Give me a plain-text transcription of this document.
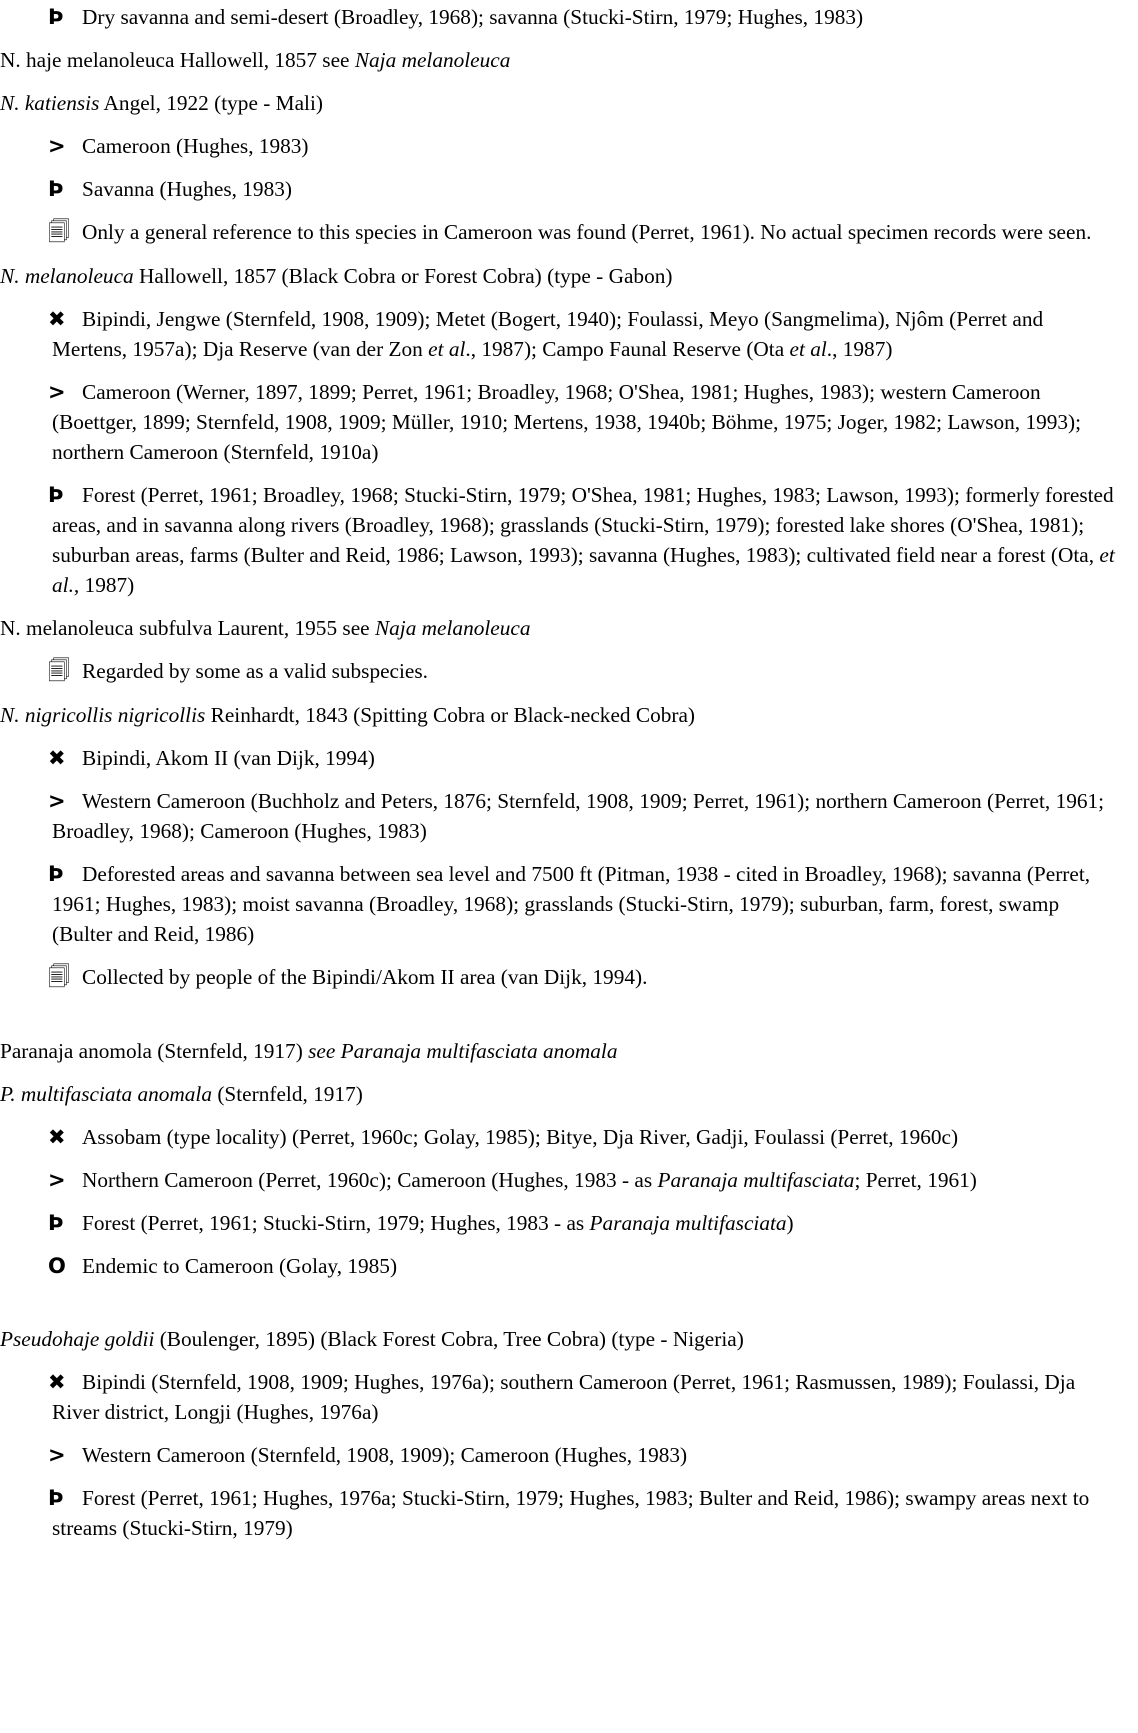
Þ Dry savanna and semi-desert (Broadley, 1968); savanna (Stucki-Stirn, 1979; Hughes, 1983)
N. haje melanoleuca Hallowell, 1857 see Naja melanoleuca
N. katiensis Angel, 1922 (type - Mali)
> Cameroon (Hughes, 1983)
Þ Savanna (Hughes, 1983)
🗐 Only a general reference to this species in Cameroon was found (Perret, 1961). No actual specimen records were seen.
N. melanoleuca Hallowell, 1857 (Black Cobra or Forest Cobra) (type - Gabon)
✖ Bipindi, Jengwe (Sternfeld, 1908, 1909); Metet (Bogert, 1940); Foulassi, Meyo (Sangmelima), Njôm (Perret and Mertens, 1957a); Dja Reserve (van der Zon et al., 1987); Campo Faunal Reserve (Ota et al., 1987)
> Cameroon (Werner, 1897, 1899; Perret, 1961; Broadley, 1968; O'Shea, 1981; Hughes, 1983); western Cameroon (Boettger, 1899; Sternfeld, 1908, 1909; Müller, 1910; Mertens, 1938, 1940b; Böhme, 1975; Joger, 1982; Lawson, 1993); northern Cameroon (Sternfeld, 1910a)
Þ Forest (Perret, 1961; Broadley, 1968; Stucki-Stirn, 1979; O'Shea, 1981; Hughes, 1983; Lawson, 1993); formerly forested areas, and in savanna along rivers (Broadley, 1968); grasslands (Stucki-Stirn, 1979); forested lake shores (O'Shea, 1981); suburban areas, farms (Bulter and Reid, 1986; Lawson, 1993); savanna (Hughes, 1983); cultivated field near a forest (Ota, et al., 1987)
N. melanoleuca subfulva Laurent, 1955 see Naja melanoleuca
🗐 Regarded by some as a valid subspecies.
N. nigricollis nigricollis Reinhardt, 1843 (Spitting Cobra or Black-necked Cobra)
✖ Bipindi, Akom II (van Dijk, 1994)
> Western Cameroon (Buchholz and Peters, 1876; Sternfeld, 1908, 1909; Perret, 1961); northern Cameroon (Perret, 1961; Broadley, 1968); Cameroon (Hughes, 1983)
Þ Deforested areas and savanna between sea level and 7500 ft (Pitman, 1938 - cited in Broadley, 1968); savanna (Perret, 1961; Hughes, 1983); moist savanna (Broadley, 1968); grasslands (Stucki-Stirn, 1979); suburban, farm, forest, swamp (Bulter and Reid, 1986)
🗐 Collected by people of the Bipindi/Akom II area (van Dijk, 1994).
Paranaja anomola (Sternfeld, 1917) see Paranaja multifasciata anomala
P. multifasciata anomala (Sternfeld, 1917)
✖ Assobam (type locality) (Perret, 1960c; Golay, 1985); Bitye, Dja River, Gadji, Foulassi (Perret, 1960c)
> Northern Cameroon (Perret, 1960c); Cameroon (Hughes, 1983 - as Paranaja multifasciata; Perret, 1961)
Þ Forest (Perret, 1961; Stucki-Stirn, 1979; Hughes, 1983 - as Paranaja multifasciata)
O Endemic to Cameroon (Golay, 1985)
Pseudohaje goldii (Boulenger, 1895) (Black Forest Cobra, Tree Cobra) (type - Nigeria)
✖ Bipindi (Sternfeld, 1908, 1909; Hughes, 1976a); southern Cameroon (Perret, 1961; Rasmussen, 1989); Foulassi, Dja River district, Longji (Hughes, 1976a)
> Western Cameroon (Sternfeld, 1908, 1909); Cameroon (Hughes, 1983)
Þ Forest (Perret, 1961; Hughes, 1976a; Stucki-Stirn, 1979; Hughes, 1983; Bulter and Reid, 1986); swampy areas next to streams (Stucki-Stirn, 1979)
